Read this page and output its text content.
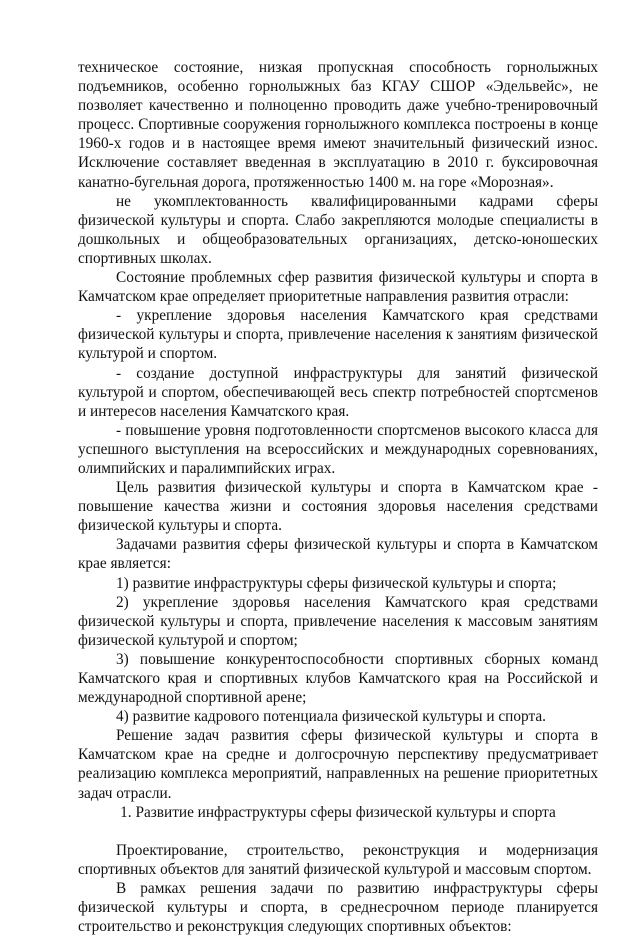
техническое состояние, низкая пропускная способность горнолыжных подъемников, особенно горнолыжных баз КГАУ СШОР «Эдельвейс», не позволяет качественно и полноценно проводить даже учебно-тренировочный процесс. Спортивные сооружения горнолыжного комплекса построены в конце 1960-х годов и в настоящее время имеют значительный физический износ. Исключение составляет введенная в эксплуатацию в 2010 г. буксировочная канатно-бугельная дорога, протяженностью 1400 м. на горе «Морозная».

не укомплектованность квалифицированными кадрами сферы физической культуры и спорта. Слабо закрепляются молодые специалисты в дошкольных и общеобразовательных организациях, детско-юношеских спортивных школах.

Состояние проблемных сфер развития физической культуры и спорта в Камчатском крае определяет приоритетные направления развития отрасли:

- укрепление здоровья населения Камчатского края средствами физической культуры и спорта, привлечение населения к занятиям физической культурой и спортом.

- создание доступной инфраструктуры для занятий физической культурой и спортом, обеспечивающей весь спектр потребностей спортсменов и интересов населения Камчатского края.

- повышение уровня подготовленности спортсменов высокого класса для успешного выступления на всероссийских и международных соревнованиях, олимпийских и паралимпийских играх.

Цель развития физической культуры и спорта в Камчатском крае - повышение качества жизни и состояния здоровья населения средствами физической культуры и спорта.

Задачами развития сферы физической культуры и спорта в Камчатском крае является:

1) развитие инфраструктуры сферы физической культуры и спорта;

2) укрепление здоровья населения Камчатского края средствами физической культуры и спорта, привлечение населения к массовым занятиям физической культурой и спортом;

3) повышение конкурентоспособности спортивных сборных команд Камчатского края и спортивных клубов Камчатского края на Российской и международной спортивной арене;

4) развитие кадрового потенциала физической культуры и спорта.

Решение задач развития сферы физической культуры и спорта в Камчатском крае на средне и долгосрочную перспективу предусматривает реализацию комплекса мероприятий, направленных на решение приоритетных задач отрасли.

1. Развитие инфраструктуры сферы физической культуры и спорта

Проектирование, строительство, реконструкция и модернизация спортивных объектов для занятий физической культурой и массовым спортом.

В рамках решения задачи по развитию инфраструктуры сферы физической культуры и спорта, в среднесрочном периоде планируется строительство и реконструкция следующих спортивных объектов:
